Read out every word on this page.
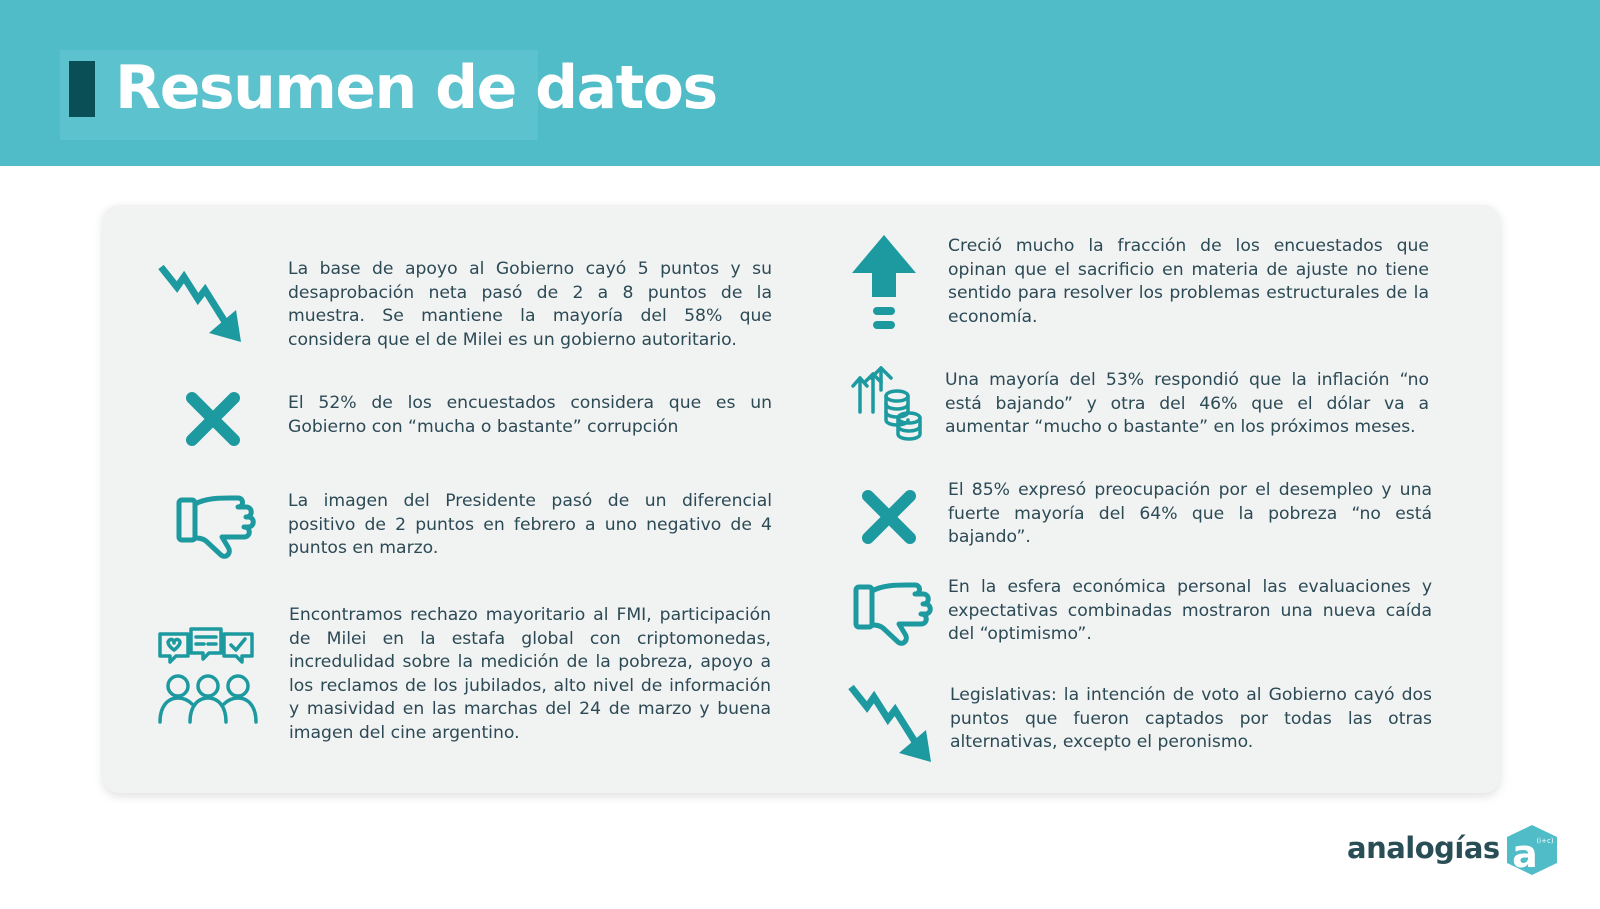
Resumen de datos

La base de apoyo al Gobierno cayó 5 puntos y su desaprobación neta pasó de 2 a 8 puntos de la muestra. Se mantiene la mayoría del 58% que considera que el de Milei es un gobierno autoritario.

El 52% de los encuestados considera que es un Gobierno con “mucha o bastante” corrupción

La imagen del Presidente pasó de un diferencial positivo de 2 puntos en febrero a uno negativo de 4 puntos en marzo.

Encontramos rechazo mayoritario al FMI, participación de Milei en la estafa global con criptomonedas, incredulidad sobre la medición de la pobreza, apoyo a los reclamos de los jubilados, alto nivel de información y masividad en las marchas del 24 de marzo y buena imagen del cine argentino.

Creció mucho la fracción de los encuestados que opinan que el sacrificio en materia de ajuste no tiene sentido para resolver los problemas estructurales de la economía.

Una mayoría del 53% respondió que la inflación “no está bajando” y otra del 46% que el dólar va a aumentar “mucho o bastante” en los próximos meses.

El 85% expresó preocupación por el desempleo y una fuerte mayoría del 64% que la pobreza “no está bajando”.

En la esfera económica personal las evaluaciones y expectativas combinadas mostraron una nueva caída del “optimismo”.

Legislativas: la intención de voto al Gobierno cayó dos puntos que fueron captados por todas las otras alternativas, excepto el peronismo.

analogías a
(i+c)
